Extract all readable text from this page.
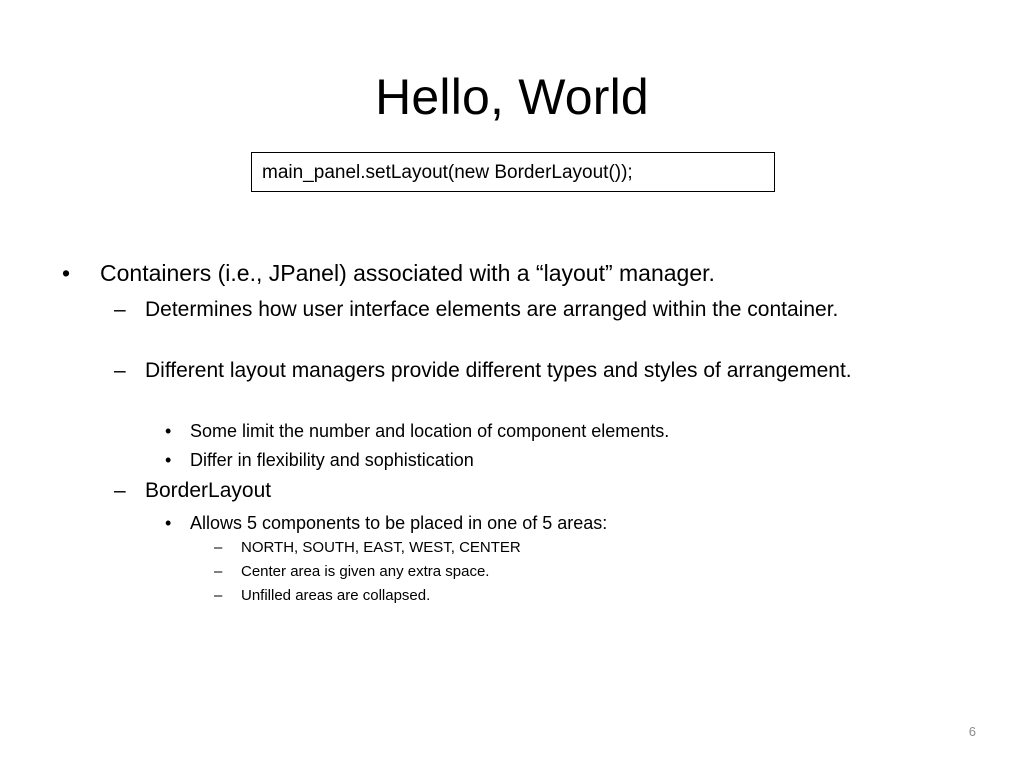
Hello, World
main_panel.setLayout(new BorderLayout());
•	Containers (i.e., JPanel) associated with a “layout” manager.
– Determines how user interface elements are arranged within the container.
– Different layout managers provide different types and styles of arrangement.
•	Some limit the number and location of component elements.
•	Differ in flexibility and sophistication
– BorderLayout
•	Allows 5 components to be placed in one of 5 areas:
–	NORTH, SOUTH, EAST, WEST, CENTER
–	Center area is given any extra space.
–	Unfilled areas are collapsed.
6
